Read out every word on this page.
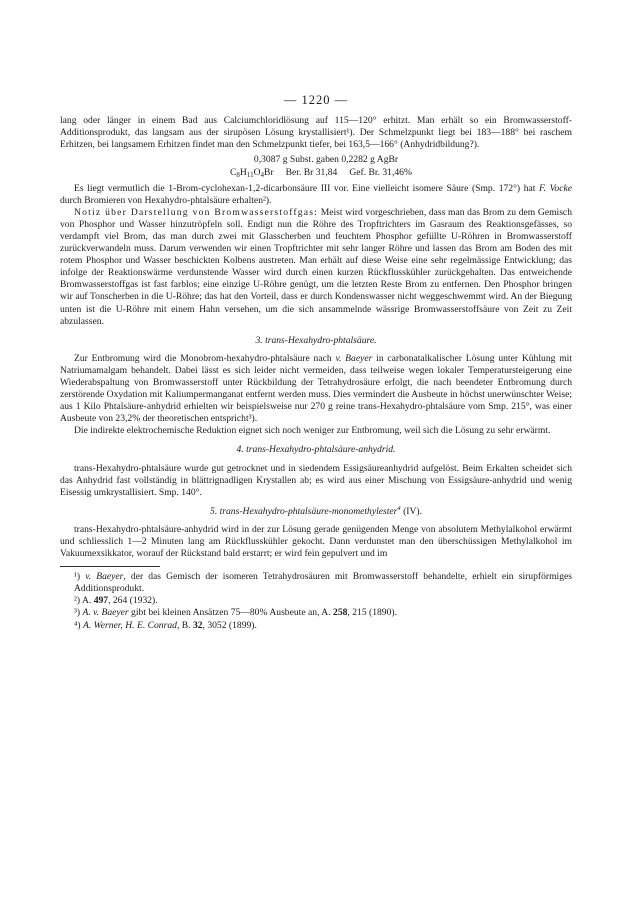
— 1220 —

lang oder länger in einem Bad aus Calciumchloridlösung auf 115—120° erhitzt. Man erhält so ein Bromwasserstoff-Additionsprodukt, das langsam aus der sirupösen Lösung krystallisiert¹). Der Schmelzpunkt liegt bei 183—188° bei raschem Erhitzen, bei langsamem Erhitzen findet man den Schmelzpunkt tiefer, bei 163,5—166° (Anhydridbildung?).

0,3087 g Subst. gaben 0,2282 g AgBr

$C_8H_{11}O_4Br$ Ber. Br 31,84 Gef. Br. 31,46%

Es liegt vermutlich die 1-Brom-cyclohexan-1,2-dicarbonsäure III vor. Eine vielleicht isomere Säure (Smp. 172°) hat F. Vocke durch Bromieren von Hexahydro-phtalsäure erhalten²).

Notiz über Darstellung von Bromwasserstoffgas: Meist wird vorgeschrieben, dass man das Brom zu dem Gemisch von Phosphor und Wasser hinzutröpfeln soll. Endigt nun die Röhre des Tropftrichters im Gasraum des Reaktionsgefässes, so verdampft viel Brom, das man durch zwei mit Glasscherben und feuchtem Phosphor gefüllte U-Röhren in Bromwasserstoff zurückverwandeln muss. Darum verwenden wir einen Tropftrichter mit sehr langer Röhre und lassen das Brom am Boden des mit rotem Phosphor und Wasser beschickten Kolbens austreten. Man erhält auf diese Weise eine sehr regelmässige Entwicklung; das infolge der Reaktionswärme verdunstende Wasser wird durch einen kurzen Rückflusskühler zurückgehalten. Das entweichende Bromwasserstoffgas ist fast farblos; eine einzige U-Röhre genügt, um die letzten Reste Brom zu entfernen. Den Phosphor bringen wir auf Tonscherben in die U-Röhre; das hat den Vorteil, dass er durch Kondenswasser nicht weggeschwemmt wird. An der Biegung unten ist die U-Röhre mit einem Hahn versehen, um die sich ansammelnde wässrige Bromwasserstoffsäure von Zeit zu Zeit abzulassen.

3. trans-Hexahydro-phtalsäure.

Zur Entbromung wird die Monobrom-hexahydro-phtalsäure nach v. Baeyer in carbonatalkalischer Lösung unter Kühlung mit Natriumamalgam behandelt. Dabei lässt es sich leider nicht vermeiden, dass teilweise wegen lokaler Temperatursteigerung eine Wiederabspaltung von Bromwasserstoff unter Rückbildung der Tetrahydrosäure erfolgt, die nach beendeter Entbromung durch zerstörende Oxydation mit Kaliumpermanganat entfernt werden muss. Dies vermindert die Ausbeute in höchst unerwünschter Weise; aus 1 Kilo Phtalsäure-anhydrid erhielten wir beispielsweise nur 270 g reine trans-Hexahydro-phtalsäure vom Smp. 215°, was einer Ausbeute von 23,2% der theoretischen entspricht³).

Die indirekte elektrochemische Reduktion eignet sich noch weniger zur Entbromung, weil sich die Lösung zu sehr erwärmt.

4. trans-Hexahydro-phtalsäure-anhydrid.

trans-Hexahydro-phtalsäure wurde gut getrocknet und in siedendem Essigsäureanhydrid aufgelöst. Beim Erkalten scheidet sich das Anhydrid fast vollständig in blättrignadligen Krystallen ab; es wird aus einer Mischung von Essigsäure-anhydrid und wenig Eisessig umkrystallisiert. Smp. 140°.

5. trans-Hexahydro-phtalsäure-monomethylester$^4$ (IV).

trans-Hexahydro-phtalsäure-anhydrid wird in der zur Lösung gerade genügenden Menge von absolutem Methylalkohol erwärmt und schliesslich 1—2 Minuten lang am Rückflusskühler gekocht. Dann verdunstet man den überschüssigen Methylalkohol im Vakuumexsikkator, worauf der Rückstand bald erstarrt; er wird fein gepulvert und im

¹) v. Baeyer, der das Gemisch der isomeren Tetrahydrosäuren mit Bromwasserstoff behandelte, erhielt ein sirupförmiges Additionsprodukt.

²) A. 497, 264 (1932).

³) A. v. Baeyer gibt bei kleinen Ansätzen 75—80% Ausbeute an, A. 258, 215 (1890).

⁴) A. Werner, H. E. Conrad, B. 32, 3052 (1899).
